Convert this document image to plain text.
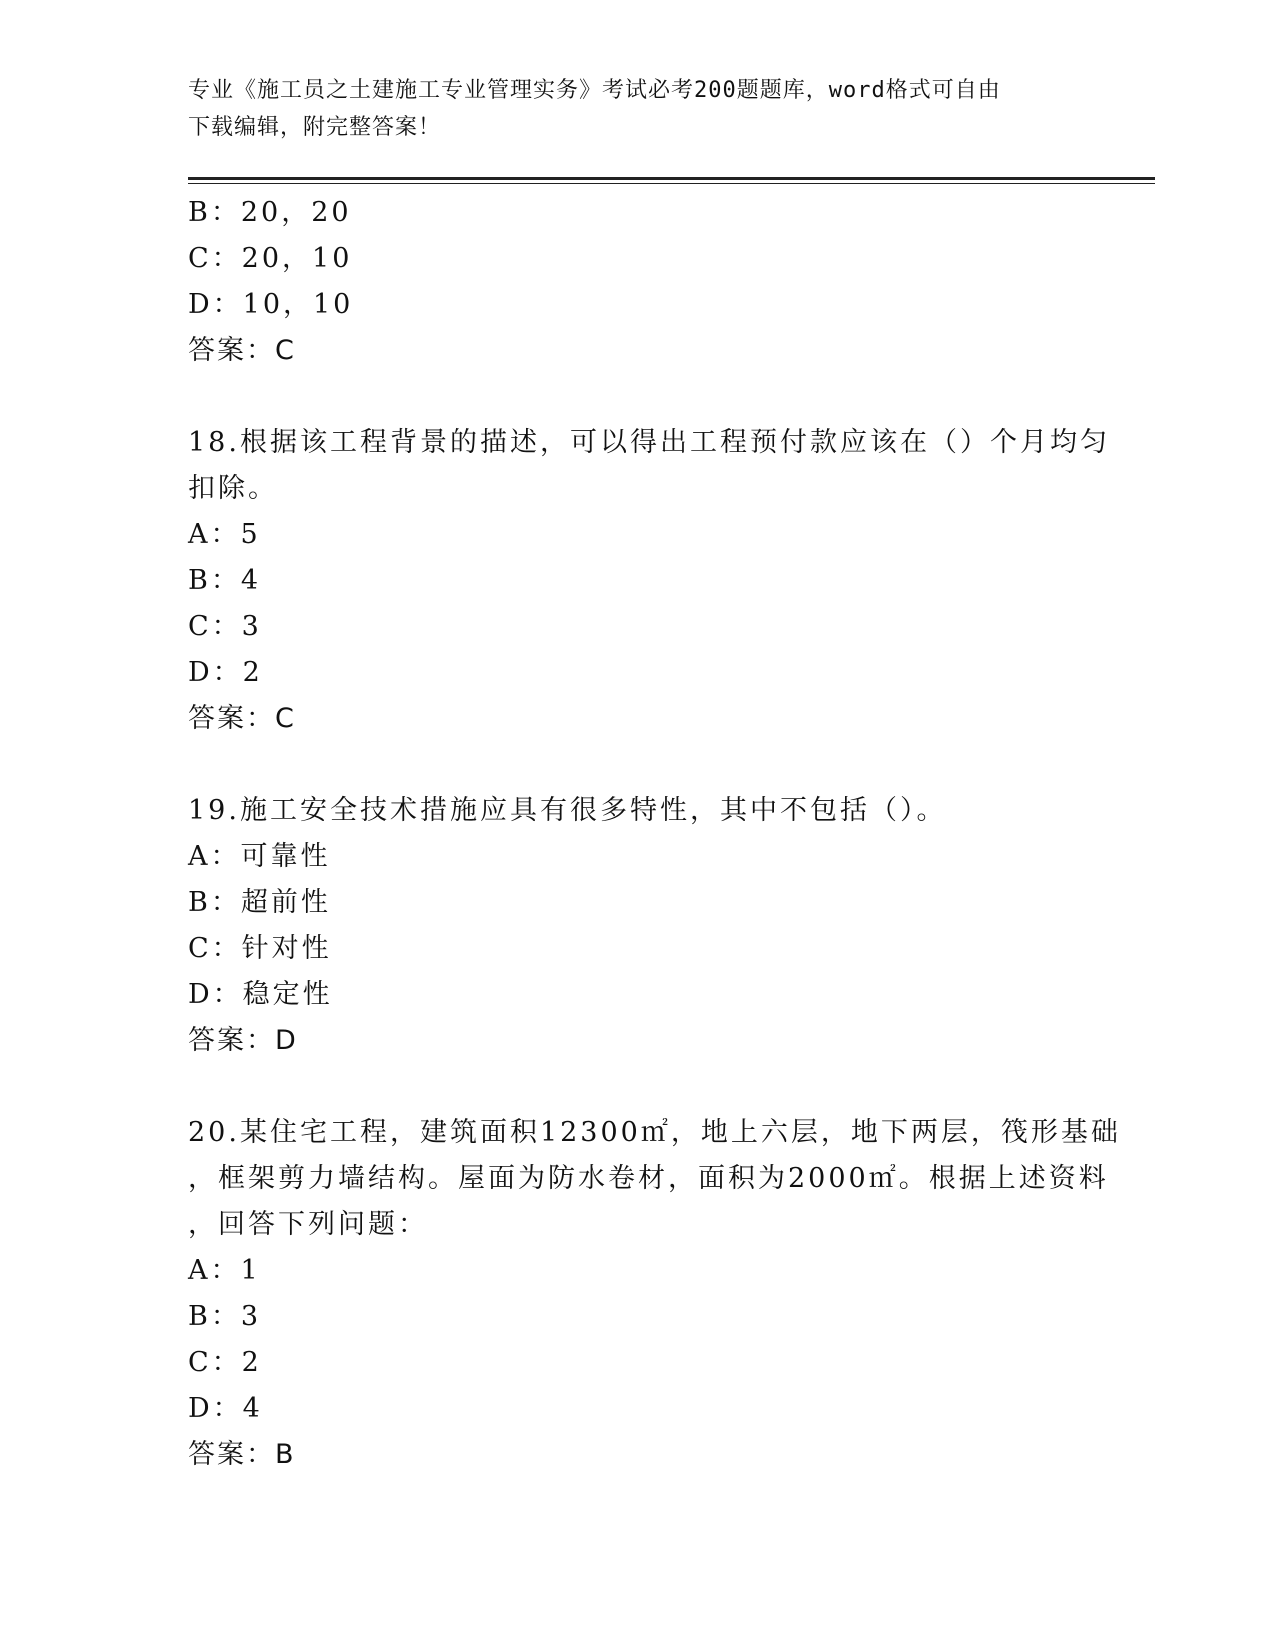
专业《施工员之土建施工专业管理实务》考试必考200题题库，word格式可自由
下载编辑，附完整答案！
B：20，20
C：20，10
D：10，10
答案：C
18.根据该工程背景的描述，可以得出工程预付款应该在（）个月均匀
扣除。
A：5
B：4
C：3
D：2
答案：C
19.施工安全技术措施应具有很多特性，其中不包括（）。
A：可靠性
B：超前性
C：针对性
D：稳定性
答案：D
20.某住宅工程，建筑面积12300㎡，地上六层，地下两层，筏形基础
，框架剪力墙结构。屋面为防水卷材，面积为2000㎡。根据上述资料
，回答下列问题：
A：1
B：3
C：2
D：4
答案：B
